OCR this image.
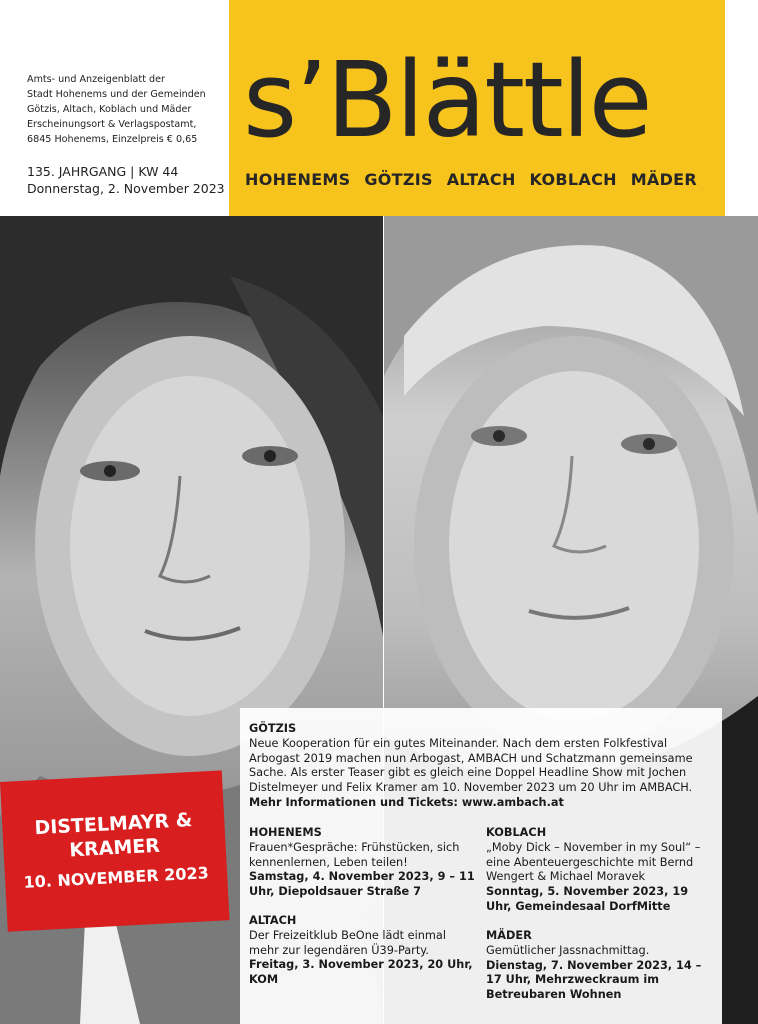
Amts- und Anzeigenblatt der
Stadt Hohenems und der Gemeinden
Götzis, Altach, Koblach und Mäder
Erscheinungsort & Verlagspostamt,
6845 Hohenems, Einzelpreis € 0,65
135. JAHRGANG | KW 44
Donnerstag, 2. November 2023
s’Blättle
HOHENEMS GÖTZIS ALTACH KOBLACH MÄDER
DISTELMAYR &
KRAMER
10. NOVEMBER 2023
GÖTZIS

Neue Kooperation für ein gutes Miteinander. Nach dem ersten Folkfestival Arbogast 2019 machen nun Arbogast, AMBACH und Schatzmann gemeinsame Sache. Als erster Teaser gibt es gleich eine Doppel Headline Show mit Jochen Distelmeyer und Felix Kramer am 10. November 2023 um 20 Uhr im AMBACH.

Mehr Informationen und Tickets: www.ambach.at

HOHENEMS

Frauen*Gespräche: Frühstücken, sich kennenlernen, Leben teilen!

Samstag, 4. November 2023, 9 – 11 Uhr, Diepoldsauer Straße 7

KOBLACH

„Moby Dick – November in my Soul“ – eine Abenteuergeschichte mit Bernd Wengert & Michael Moravek

Sonntag, 5. November 2023, 19 Uhr, Gemeindesaal DorfMitte

ALTACH

Der Freizeitklub BeOne lädt einmal mehr zur legendären Ü39-Party.

Freitag, 3. November 2023, 20 Uhr, KOM

MÄDER

Gemütlicher Jassnachmittag.

Dienstag, 7. November 2023, 14 – 17 Uhr, Mehrzweckraum im Betreubaren Wohnen
